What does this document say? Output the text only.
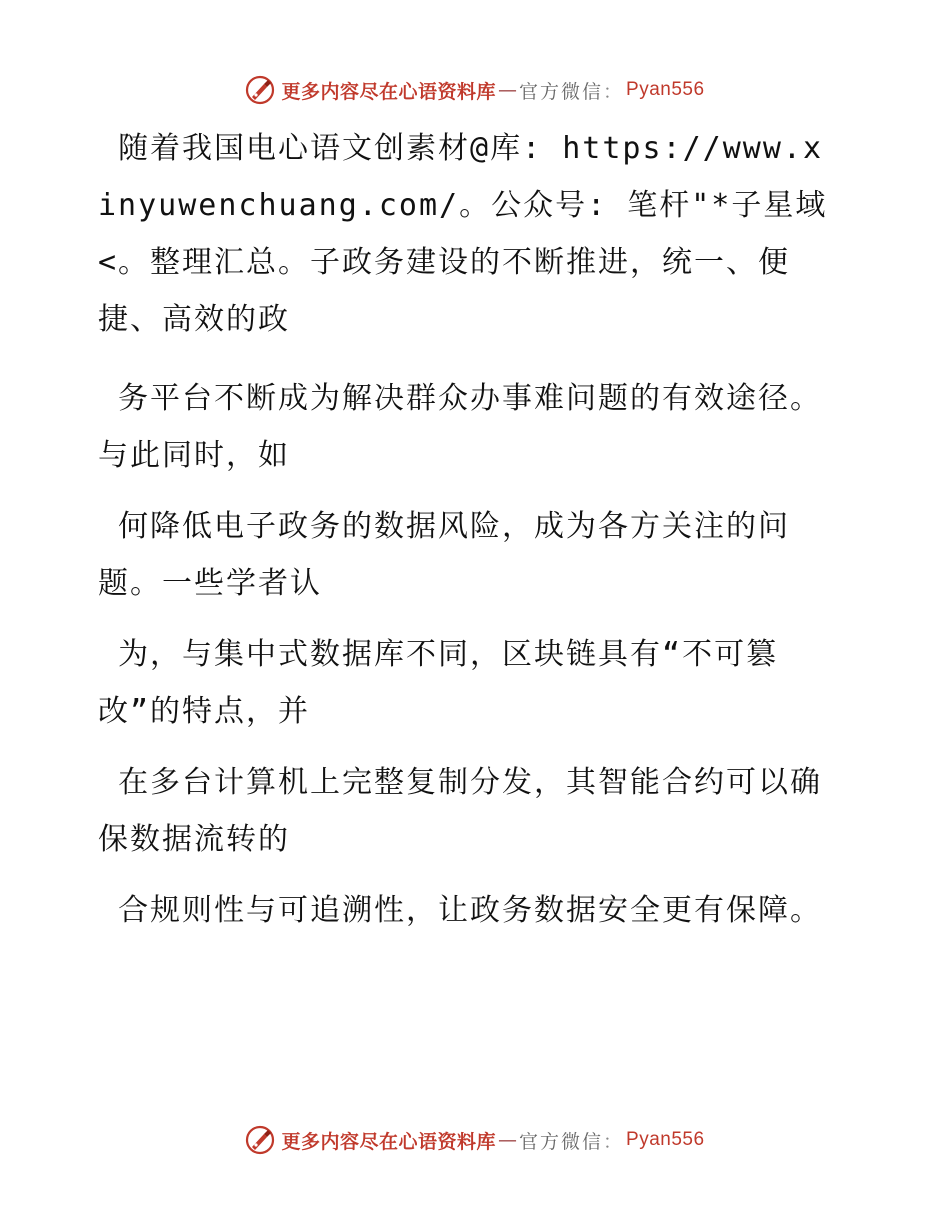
更多内容尽在心语资料库 — 官方微信 ： Pyan556

随着我国电心语文创素材@库: https://www.xinyuwenchuang.com/。公众号: 笔杆"*子星域<。整理汇总。子政务建设的不断推进，统一、便捷、高效的政

务平台不断成为解决群众办事难问题的有效途径。与此同时，如

何降低电子政务的数据风险，成为各方关注的问题。一些学者认

为，与集中式数据库不同，区块链具有“不可篡改”的特点，并

在多台计算机上完整复制分发，其智能合约可以确保数据流转的

合规则性与可追溯性，让政务数据安全更有保障。

更多内容尽在心语资料库 — 官方微信 ： Pyan556
